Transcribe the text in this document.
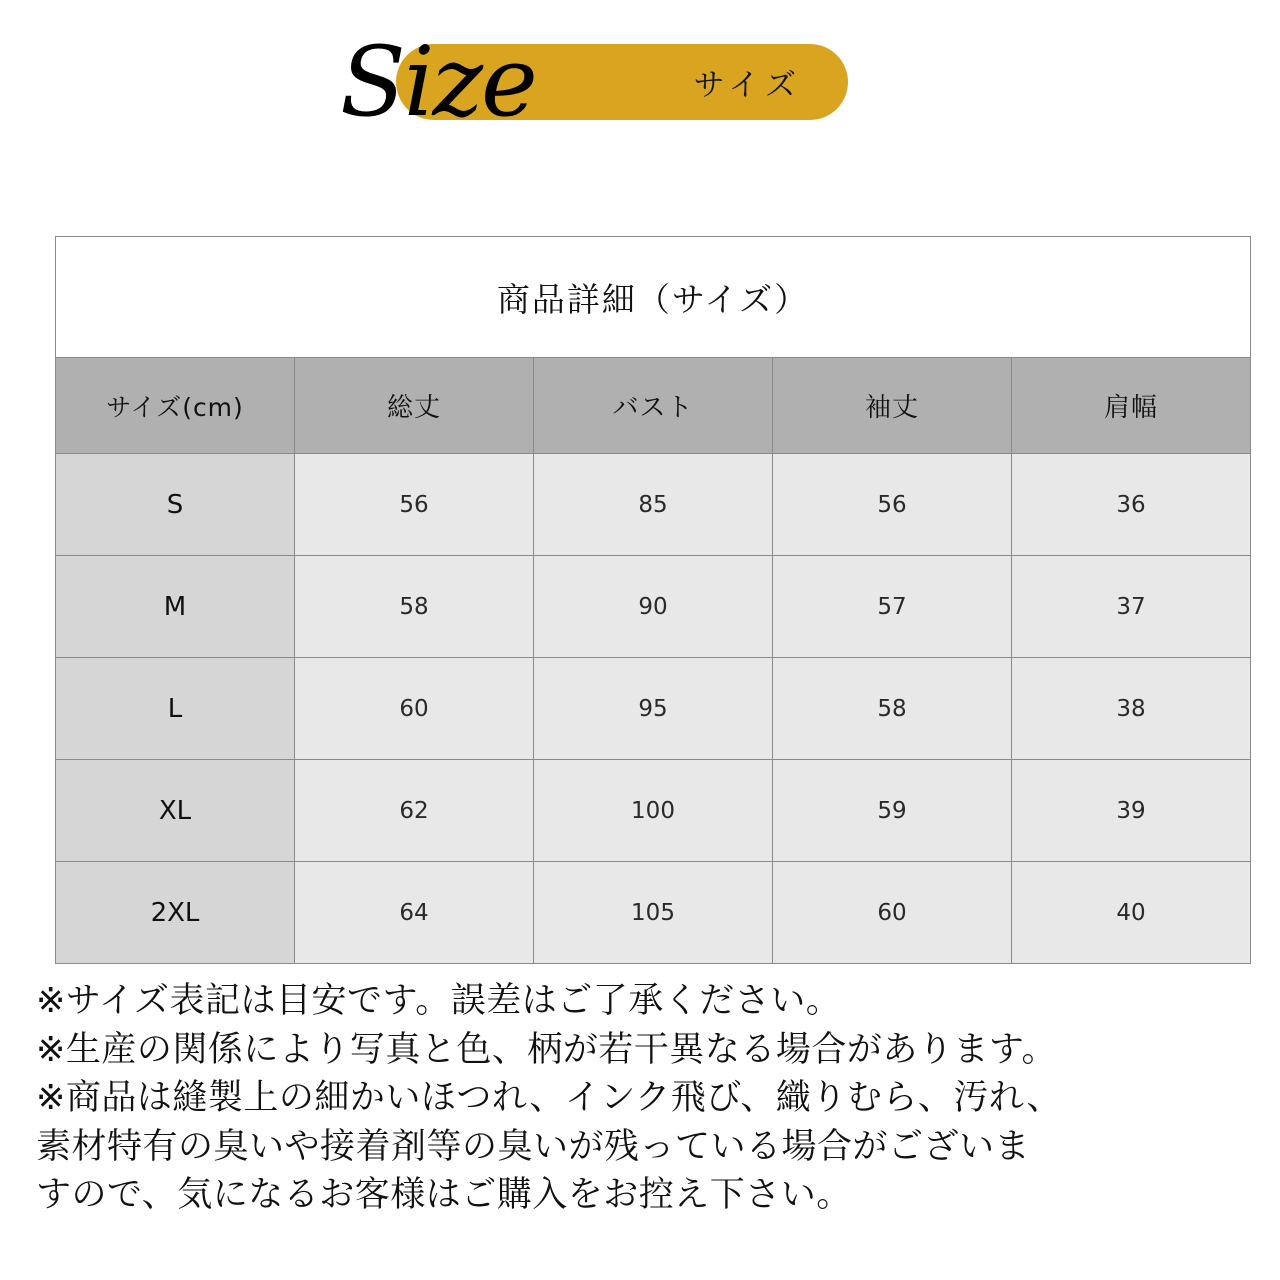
サイズ
Size
商品詳細（サイズ）				
サイズ(cm)	総丈	バスト	袖丈	肩幅
S	56	85	56	36
M	58	90	57	37
L	60	95	58	38
XL	62	100	59	39
2XL	64	105	60	40

※サイズ表記は目安です。誤差はご了承ください。

※生産の関係により写真と色、柄が若干異なる場合があります。

※商品は縫製上の細かいほつれ、インク飛び、織りむら、汚れ、

素材特有の臭いや接着剤等の臭いが残っている場合がございま

すので、気になるお客様はご購入をお控え下さい。
